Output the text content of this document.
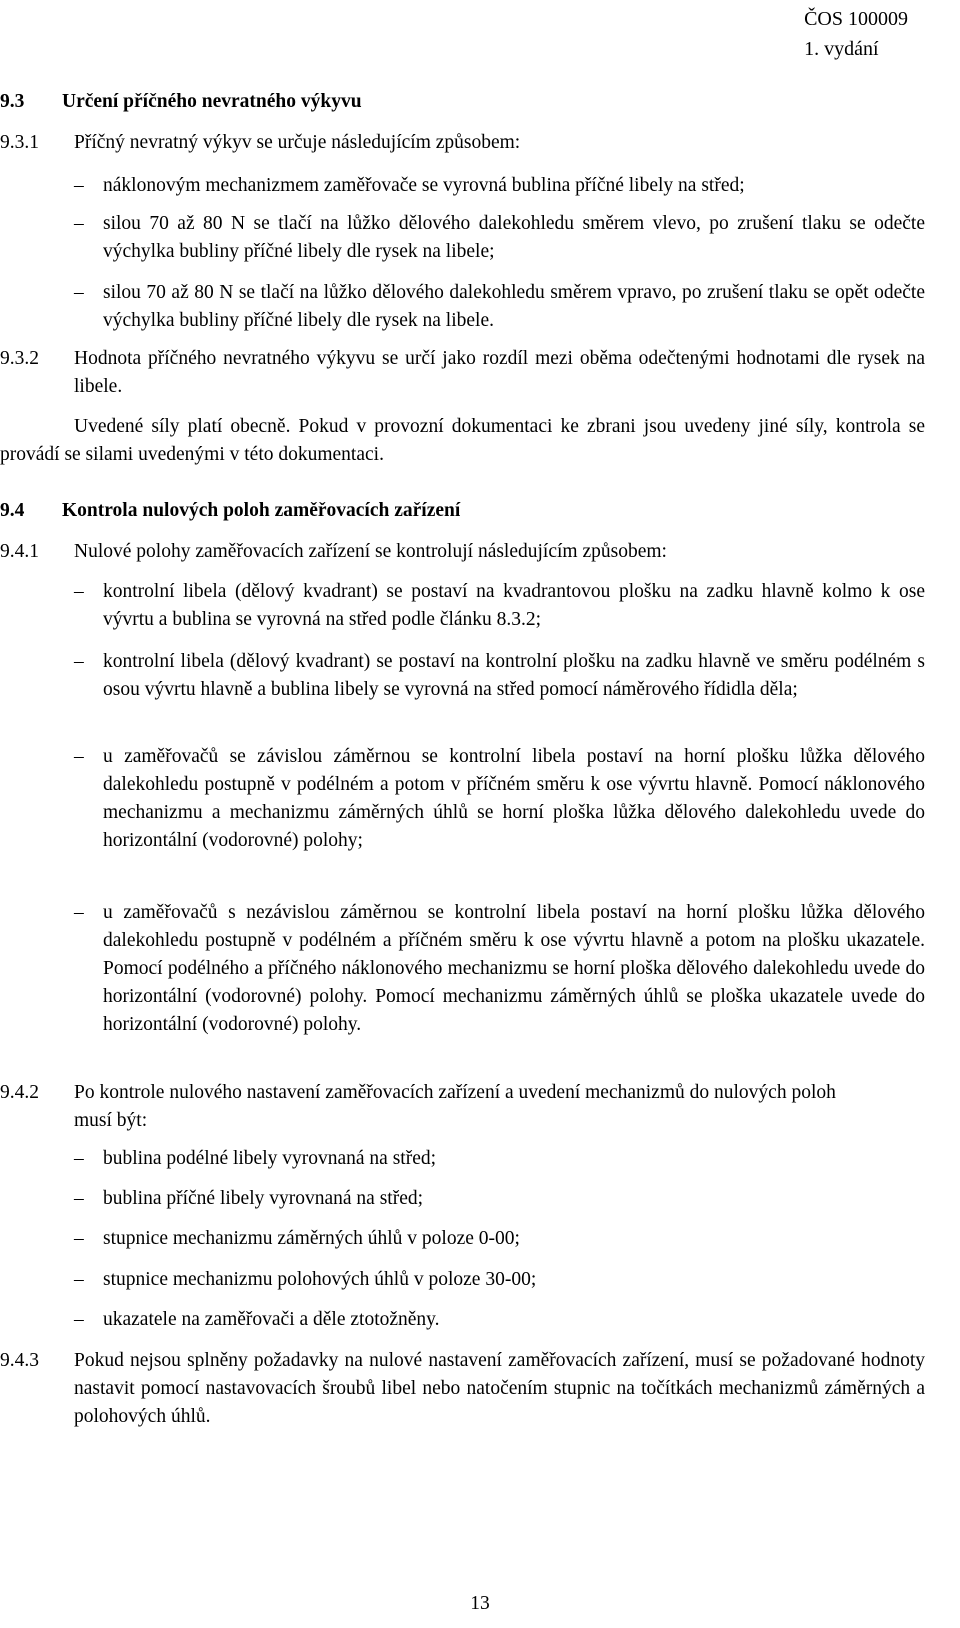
ČOS 100009
1. vydání
9.3 Určení příčného nevratného výkyvu
9.3.1 Příčný nevratný výkyv se určuje následujícím způsobem:
– náklonovým mechanizmem zaměřovače se vyrovná bublina příčné libely na střed;
– silou 70 až 80 N se tlačí na lůžko dělového dalekohledu směrem vlevo, po zrušení tlaku se odečte výchylka bubliny příčné libely dle rysek na libele;

– silou 70 až 80 N se tlačí na lůžko dělového dalekohledu směrem vpravo, po zrušení tlaku se opět odečte výchylka bubliny příčné libely dle rysek na libele.

9.3.2 Hodnota příčného nevratného výkyvu se určí jako rozdíl mezi oběma odečtenými hodnotami dle rysek na libele.

Uvedené síly platí obecně. Pokud v provozní dokumentaci ke zbrani jsou uvedeny jiné síly, kontrola se provádí se silami uvedenými v této dokumentaci.

9.4 Kontrola nulových poloh zaměřovacích zařízení
9.4.1 Nulové polohy zaměřovacích zařízení se kontrolují následujícím způsobem:
– kontrolní libela (dělový kvadrant) se postaví na kvadrantovou plošku na zadku hlavně kolmo k ose vývrtu a bublina se vyrovná na střed podle článku 8.3.2;

– kontrolní libela (dělový kvadrant) se postaví na kontrolní plošku na zadku hlavně ve směru podélném s osou vývrtu hlavně a bublina libely se vyrovná na střed pomocí náměrového řídidla děla;

– u zaměřovačů se závislou záměrnou se kontrolní libela postaví na horní plošku lůžka dělového dalekohledu postupně v podélném a potom v příčném směru k ose vývrtu hlavně. Pomocí náklonového mechanizmu a mechanizmu záměrných úhlů se horní ploška lůžka dělového dalekohledu uvede do horizontální (vodorovné) polohy;

– u zaměřovačů s nezávislou záměrnou se kontrolní libela postaví na horní plošku lůžka dělového dalekohledu postupně v podélném a příčném směru k ose vývrtu hlavně a potom na plošku ukazatele. Pomocí podélného a příčného náklonového mechanizmu se horní ploška dělového dalekohledu uvede do horizontální (vodorovné) polohy. Pomocí mechanizmu záměrných úhlů se ploška ukazatele uvede do horizontální (vodorovné) polohy.

9.4.2 Po kontrole nulového nastavení zaměřovacích zařízení a uvedení mechanizmů do nulových poloh musí být:

– bublina podélné libely vyrovnaná na střed;
– bublina příčné libely vyrovnaná na střed;
– stupnice mechanizmu záměrných úhlů v poloze 0-00;
– stupnice mechanizmu polohových úhlů v poloze 30-00;
– ukazatele na zaměřovači a děle ztotožněny.
9.4.3 Pokud nejsou splněny požadavky na nulové nastavení zaměřovacích zařízení, musí se požadované hodnoty nastavit pomocí nastavovacích šroubů libel nebo natočením stupnic na točítkách mechanizmů záměrných a polohových úhlů.

13
